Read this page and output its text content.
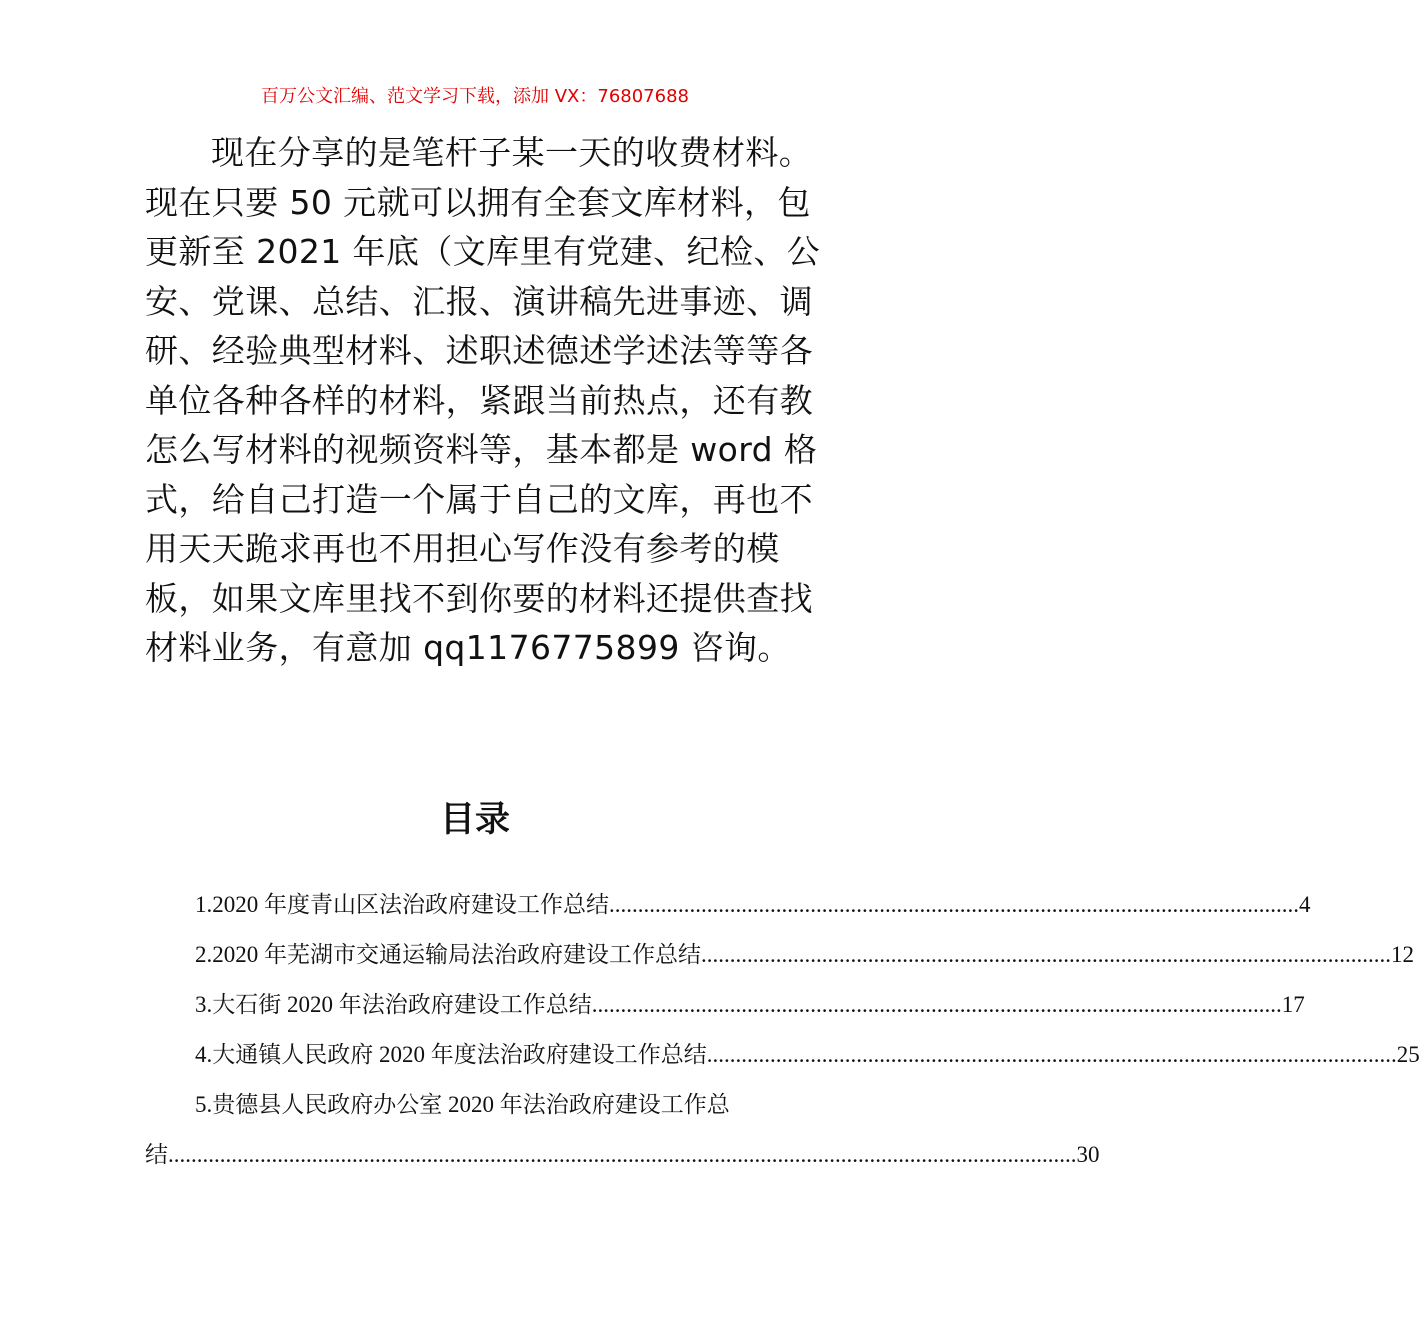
百万公文汇编、范文学习下载，添加 VX：76807688

现在分享的是笔杆子某一天的收费材料。现在只要 50 元就可以拥有全套文库材料，包更新至 2021 年底（文库里有党建、纪检、公安、党课、总结、汇报、演讲稿先进事迹、调研、经验典型材料、述职述德述学述法等等各单位各种各样的材料，紧跟当前热点，还有教怎么写材料的视频资料等，基本都是 word 格式，给自己打造一个属于自己的文库，再也不用天天跪求再也不用担心写作没有参考的模板，如果文库里找不到你要的材料还提供查找材料业务，有意加 qq1176775899 咨询。

目录
1.2020 年度青山区法治政府建设工作总结 ........................................................................................................................ 4
2.2020 年芜湖市交通运输局法治政府建设工作总结 ........................................................................................................................ 12
3.大石街 2020 年法治政府建设工作总结 ........................................................................................................................ 17
4.大通镇人民政府 2020 年度法治政府建设工作总结 ........................................................................................................................ 25
5.贵德县人民政府办公室 2020 年法治政府建设工作总
结 .............................................................................................................................................................. 30
